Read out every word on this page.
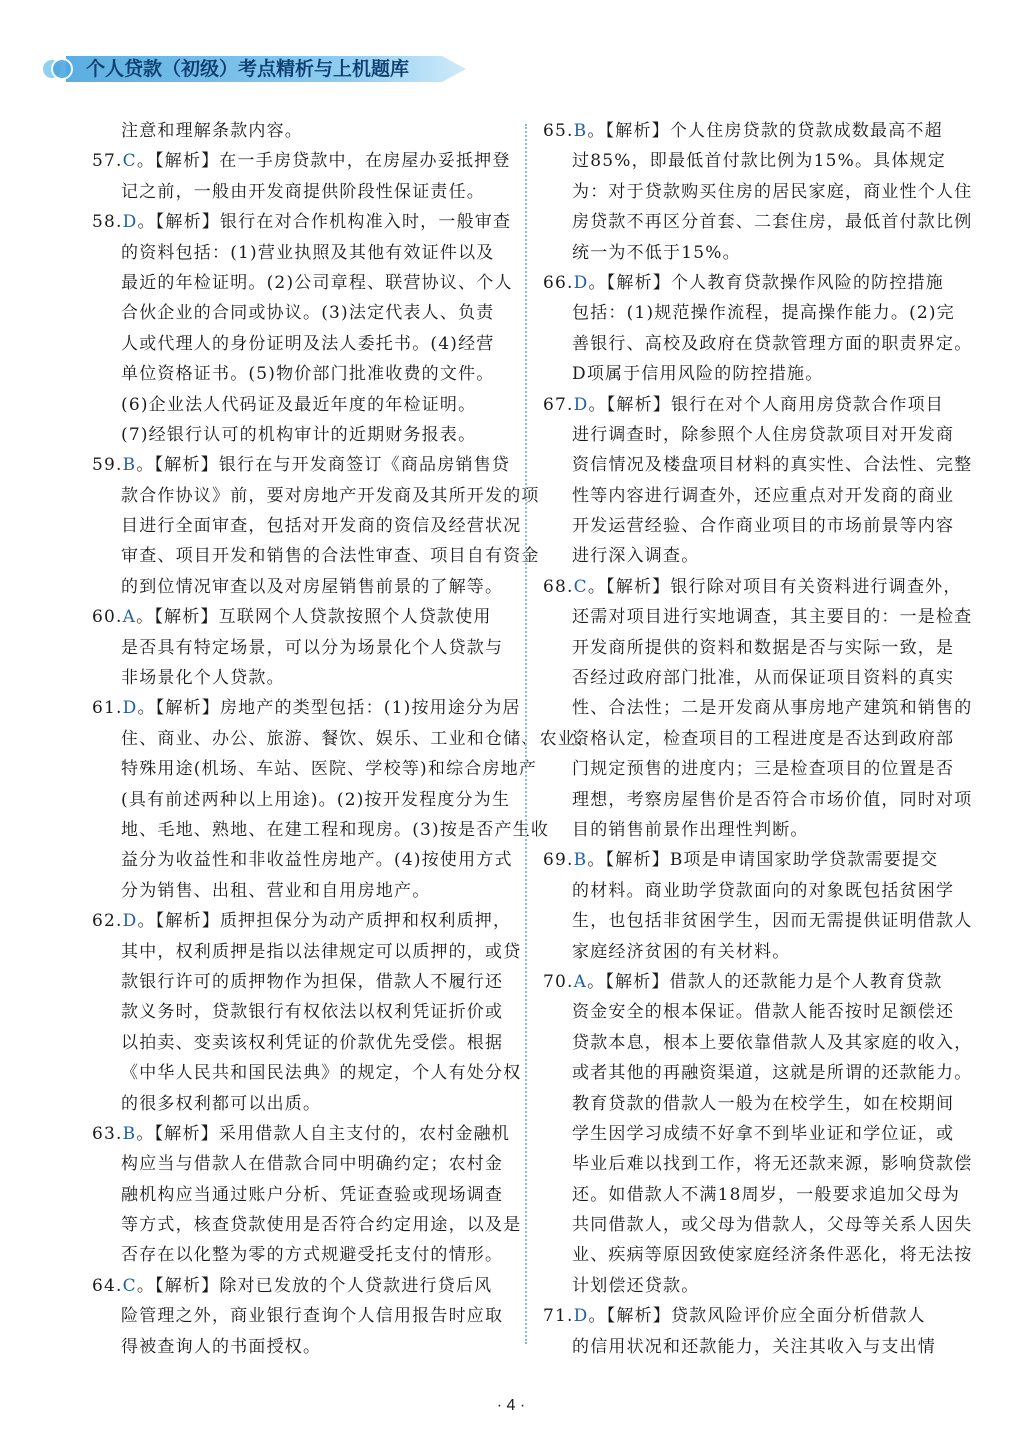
个人贷款（初级）考点精析与上机题库
注意和理解条款内容。
57.C。【解析】在一手房贷款中，在房屋办妥抵押登
记之前，一般由开发商提供阶段性保证责任。
58.D。【解析】银行在对合作机构准入时，一般审查
的资料包括：(1)营业执照及其他有效证件以及
最近的年检证明。(2)公司章程、联营协议、个人
合伙企业的合同或协议。(3)法定代表人、负责
人或代理人的身份证明及法人委托书。(4)经营
单位资格证书。(5)物价部门批准收费的文件。
(6)企业法人代码证及最近年度的年检证明。
(7)经银行认可的机构审计的近期财务报表。
59.B。【解析】银行在与开发商签订《商品房销售贷
款合作协议》前，要对房地产开发商及其所开发的项
目进行全面审查，包括对开发商的资信及经营状况
审查、项目开发和销售的合法性审查、项目自有资金
的到位情况审查以及对房屋销售前景的了解等。
60.A。【解析】互联网个人贷款按照个人贷款使用
是否具有特定场景，可以分为场景化个人贷款与
非场景化个人贷款。
61.D。【解析】房地产的类型包括：(1)按用途分为居
住、商业、办公、旅游、餐饮、娱乐、工业和仓储、农业、
特殊用途(机场、车站、医院、学校等)和综合房地产
(具有前述两种以上用途)。(2)按开发程度分为生
地、毛地、熟地、在建工程和现房。(3)按是否产生收
益分为收益性和非收益性房地产。(4)按使用方式
分为销售、出租、营业和自用房地产。
62.D。【解析】质押担保分为动产质押和权利质押，
其中，权利质押是指以法律规定可以质押的，或贷
款银行许可的质押物作为担保，借款人不履行还
款义务时，贷款银行有权依法以权利凭证折价或
以拍卖、变卖该权利凭证的价款优先受偿。根据
《中华人民共和国民法典》的规定，个人有处分权
的很多权利都可以出质。
63.B。【解析】采用借款人自主支付的，农村金融机
构应当与借款人在借款合同中明确约定；农村金
融机构应当通过账户分析、凭证查验或现场调查
等方式，核查贷款使用是否符合约定用途，以及是
否存在以化整为零的方式规避受托支付的情形。
64.C。【解析】除对已发放的个人贷款进行贷后风
险管理之外，商业银行查询个人信用报告时应取
得被查询人的书面授权。
65.B。【解析】个人住房贷款的贷款成数最高不超
过85%，即最低首付款比例为15%。具体规定
为：对于贷款购买住房的居民家庭，商业性个人住
房贷款不再区分首套、二套住房，最低首付款比例
统一为不低于15%。
66.D。【解析】个人教育贷款操作风险的防控措施
包括：(1)规范操作流程，提高操作能力。(2)完
善银行、高校及政府在贷款管理方面的职责界定。
D项属于信用风险的防控措施。
67.D。【解析】银行在对个人商用房贷款合作项目
进行调查时，除参照个人住房贷款项目对开发商
资信情况及楼盘项目材料的真实性、合法性、完整
性等内容进行调查外，还应重点对开发商的商业
开发运营经验、合作商业项目的市场前景等内容
进行深入调查。
68.C。【解析】银行除对项目有关资料进行调查外，
还需对项目进行实地调查，其主要目的：一是检查
开发商所提供的资料和数据是否与实际一致，是
否经过政府部门批准，从而保证项目资料的真实
性、合法性；二是开发商从事房地产建筑和销售的
资格认定，检查项目的工程进度是否达到政府部
门规定预售的进度内；三是检查项目的位置是否
理想，考察房屋售价是否符合市场价值，同时对项
目的销售前景作出理性判断。
69.B。【解析】B项是申请国家助学贷款需要提交
的材料。商业助学贷款面向的对象既包括贫困学
生，也包括非贫困学生，因而无需提供证明借款人
家庭经济贫困的有关材料。
70.A。【解析】借款人的还款能力是个人教育贷款
资金安全的根本保证。借款人能否按时足额偿还
贷款本息，根本上要依靠借款人及其家庭的收入，
或者其他的再融资渠道，这就是所谓的还款能力。
教育贷款的借款人一般为在校学生，如在校期间
学生因学习成绩不好拿不到毕业证和学位证，或
毕业后难以找到工作，将无还款来源，影响贷款偿
还。如借款人不满18周岁，一般要求追加父母为
共同借款人，或父母为借款人，父母等关系人因失
业、疾病等原因致使家庭经济条件恶化，将无法按
计划偿还贷款。
71.D。【解析】贷款风险评价应全面分析借款人
的信用状况和还款能力，关注其收入与支出情
· 4 ·
